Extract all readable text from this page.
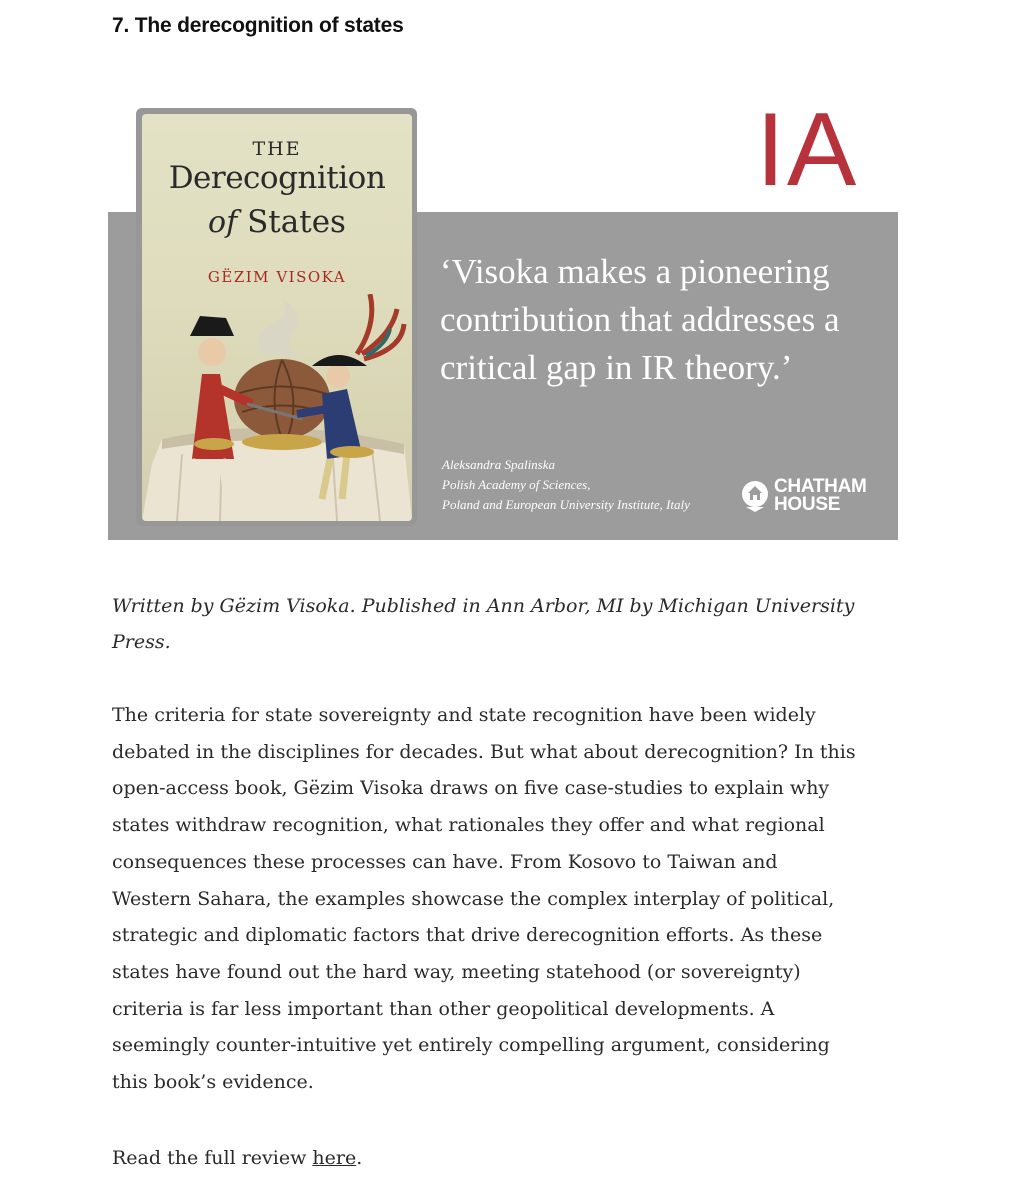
7. The derecognition of states
THE
Derecognition
of States
GËZIM VISOKA
IA

‘Visoka makes a pioneering contribution that addresses a critical gap in IR theory.’

Aleksandra Spalinska
Polish Academy of Sciences,
Poland and European University Institute, Italy
CHATHAM
HOUSE

Written by Gëzim Visoka. Published in Ann Arbor, MI by Michigan University Press.

The criteria for state sovereignty and state recognition have been widely
debated in the disciplines for decades. But what about derecognition? In this
open-access book, Gëzim Visoka draws on five case-studies to explain why
states withdraw recognition, what rationales they offer and what regional
consequences these processes can have. From Kosovo to Taiwan and
Western Sahara, the examples showcase the complex interplay of political,
strategic and diplomatic factors that drive derecognition efforts. As these
states have found out the hard way, meeting statehood (or sovereignty)
criteria is far less important than other geopolitical developments. A
seemingly counter-intuitive yet entirely compelling argument, considering
this book’s evidence.
Read the full review here.
